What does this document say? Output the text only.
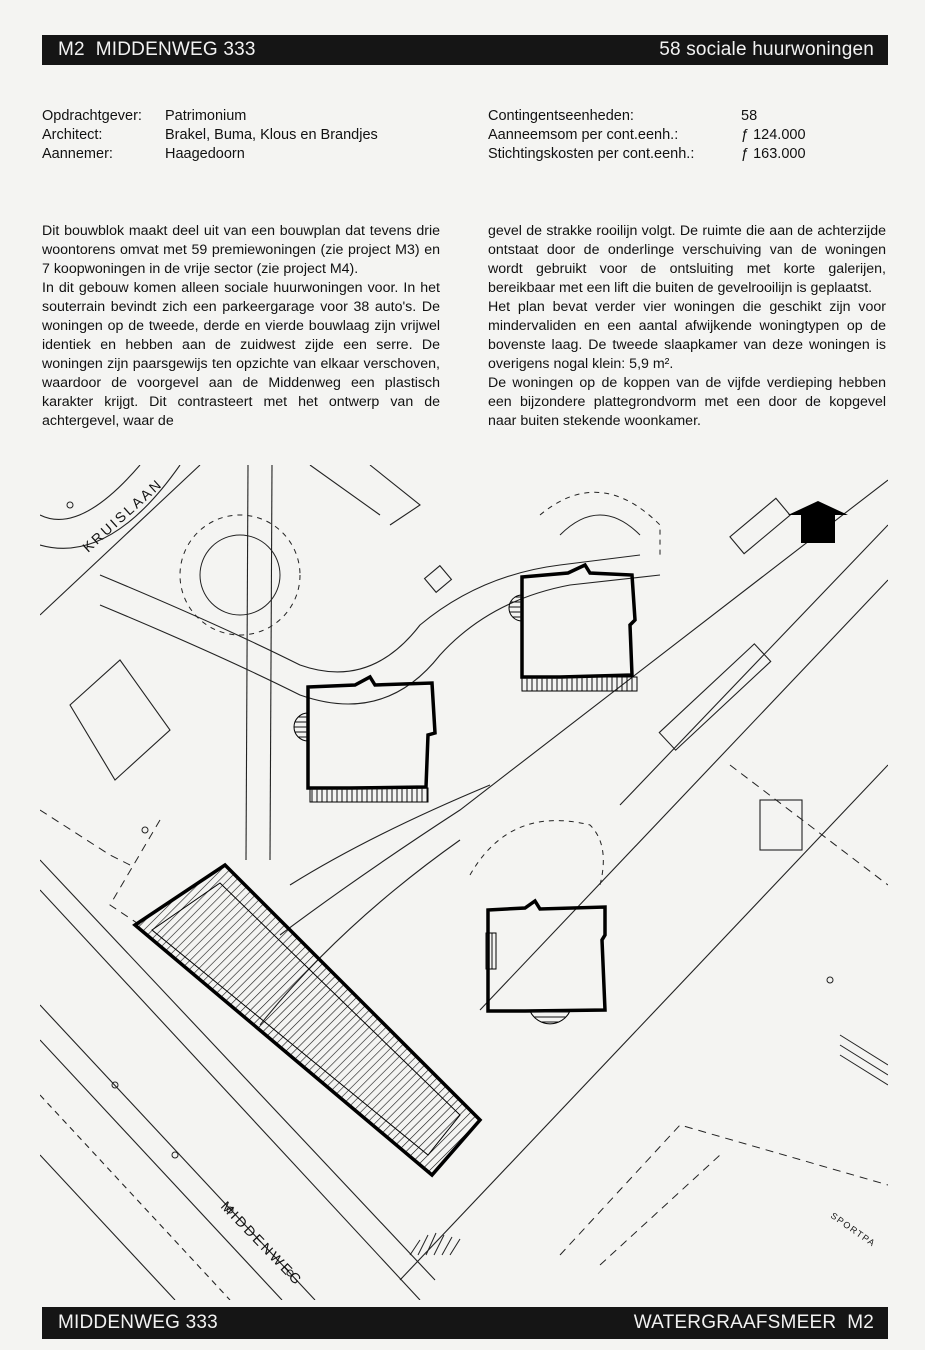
M2  MIDDENWEG 333	58 sociale huurwoningen
Opdrachtgever:	Patrimonium
Architect:	Brakel, Buma, Klous en Brandjes
Aannemer:	Haagedoorn
Contingentseenheden:	58
Aanneemsom per cont.eenh.:	ƒ 124.000
Stichtingskosten per cont.eenh.:	ƒ 163.000

Dit bouwblok maakt deel uit van een bouwplan dat tevens drie woontorens omvat met 59 premiewoningen (zie project M3) en 7 koopwoningen in de vrije sector (zie project M4).

In dit gebouw komen alleen sociale huurwoningen voor. In het souterrain bevindt zich een parkeergarage voor 38 auto's. De woningen op de tweede, derde en vierde bouwlaag zijn vrijwel identiek en hebben aan de zuidwest zijde een serre. De woningen zijn paarsgewijs ten opzichte van elkaar verschoven, waardoor de voorgevel aan de Middenweg een plastisch karakter krijgt. Dit contrasteert met het ontwerp van de achtergevel, waar de

gevel de strakke rooilijn volgt. De ruimte die aan de achterzijde ontstaat door de onderlinge verschuiving van de woningen wordt gebruikt voor de ontsluiting met korte galerijen, bereikbaar met een lift die buiten de gevelrooilijn is geplaatst.

Het plan bevat verder vier woningen die geschikt zijn voor mindervaliden en een aantal afwijkende woningtypen op de bovenste laag. De tweede slaapkamer van deze woningen is overigens nogal klein: 5,9 m².

De woningen op de koppen van de vijfde verdieping hebben een bijzondere plattegrondvorm met een door de kopgevel naar buiten stekende woonkamer.

KRUISLAAN
MIDDENWEG	SPORTPA
MIDDENWEG 333	WATERGRAAFSMEER  M2
